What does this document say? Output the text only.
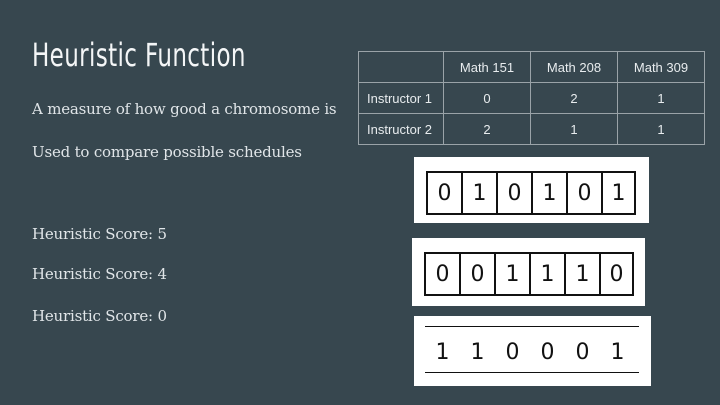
Heuristic Function
A measure of how good a chromosome is
Used to compare possible schedules
Heuristic Score: 5
Heuristic Score: 4
Heuristic Score: 0
	Math 151	Math 208	Math 309
Instructor 1	0	2	1
Instructor 2	2	1	1
0 1 0 1 0 1
0 0 1 1 1 0
1 1 0 0 0 1
